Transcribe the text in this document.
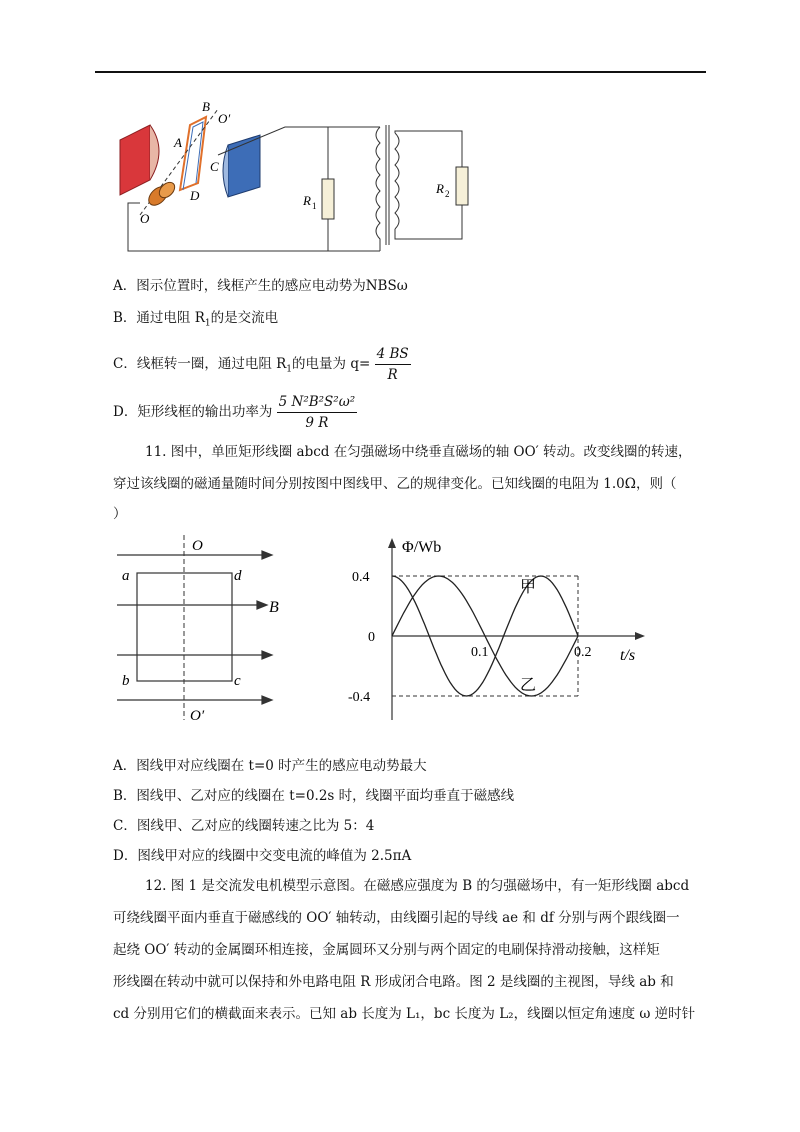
B
O′
A
C
D
O
R 1
R 2
A．图示位置时，线框产生的感应电动势为NBSω
B．通过电阻 $R_1$的是交流电
C．线框转一圈，通过电阻 $R_1$的电量为 $q= \frac{4 BS}{R}$
D．矩形线框的输出功率为 $\frac{\text{5 N²B²S²ω²}}{9 R}$
11. 图中，单匝矩形线圈 abcd 在匀强磁场中绕垂直磁场的轴 OO′ 转动。改变线圈的转速，
穿过该线圈的磁通量随时间分别按图中图线甲、乙的规律变化。已知线圈的电阻为 1.0Ω，则（
）
O
O′
a
b	c
d
B
Φ/Wb
t/s
甲
乙
0.4
0
-0.4
0.1	0.2
A．图线甲对应线圈在 t=0 时产生的感应电动势最大
B．图线甲、乙对应的线圈在 t=0.2s 时，线圈平面均垂直于磁感线
C．图线甲、乙对应的线圈转速之比为 5：4
D．图线甲对应的线圈中交变电流的峰值为 2.5πA
12. 图 1 是交流发电机模型示意图。在磁感应强度为 B 的匀强磁场中，有一矩形线圈 abcd
可绕线圈平面内垂直于磁感线的 OO′ 轴转动，由线圈引起的导线 ae 和 df 分别与两个跟线圈一
起绕 OO′ 转动的金属圈环相连接，金属圆环又分别与两个固定的电刷保持滑动接触，这样矩
形线圈在转动中就可以保持和外电路电阻 R 形成闭合电路。图 2 是线圈的主视图，导线 ab 和
cd 分别用它们的横截面来表示。已知 ab 长度为 L₁，bc 长度为 L₂，线圈以恒定角速度 ω 逆时针
